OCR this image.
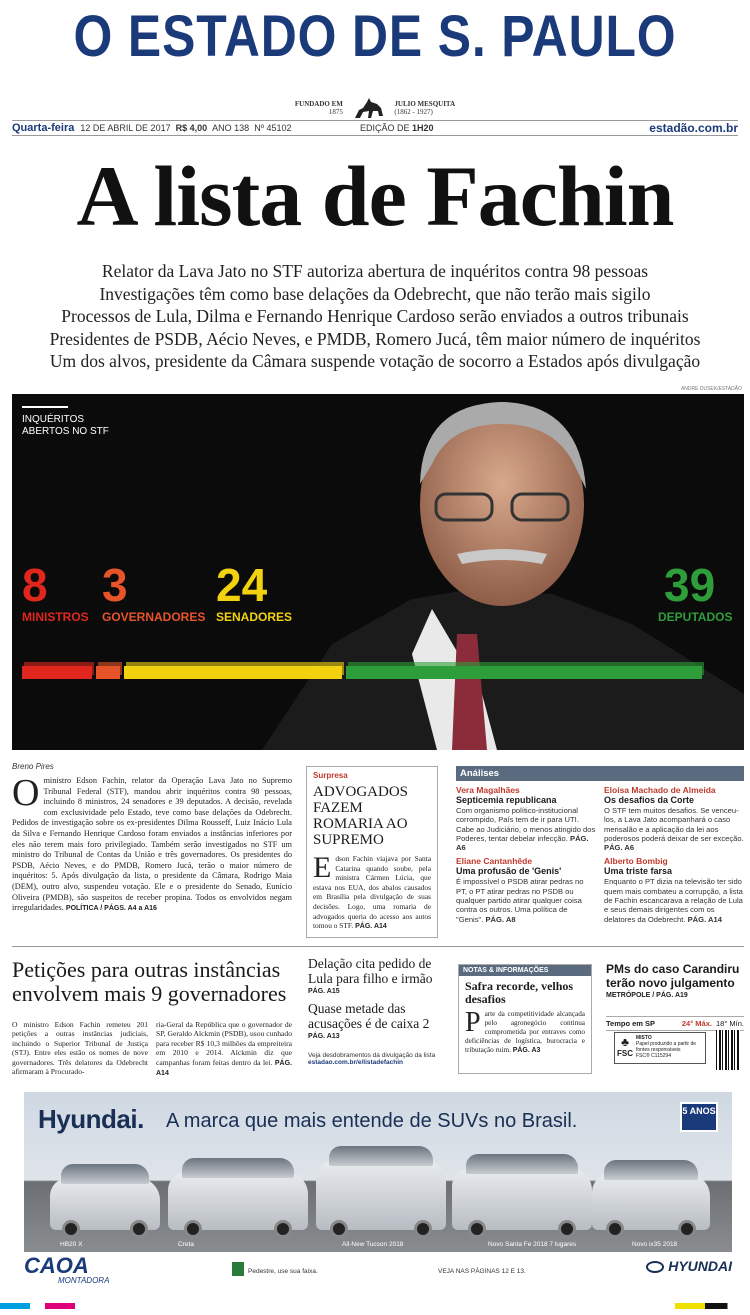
O ESTADO DE S. PAULO
FUNDADO EM
1875  JULIO MESQUITA
(1862 - 1927)
Quarta-feira 12 DE ABRIL DE 2017
R$ 4,00
ANO 138
Nº 45102	EDIÇÃO DE 1H20	estadão.com.br
A lista de Fachin
Relator da Lava Jato no STF autoriza abertura de inquéritos contra 98 pessoas
Investigações têm como base delações da Odebrecht, que não terão mais sigilo
Processos de Lula, Dilma e Fernando Henrique Cardoso serão enviados a outros tribunais
Presidentes de PSDB, Aécio Neves, e PMDB, Romero Jucá, têm maior número de inquéritos
Um dos alvos, presidente da Câmara suspende votação de socorro a Estados após divulgação
ANDRE DUSEK/ESTADÃO
INQUÉRITOS
ABERTOS NO STF
8
MINISTROS
3
GOVERNADORES
24
SENADORES
39
DEPUTADOS
Breno Pires
O ministro Edson Fachin, relator da Operação Lava Jato no Supremo Tribunal Federal (STF), mandou abrir inquéritos contra 98 pessoas, incluindo 8 ministros, 24 senadores e 39 deputados. A decisão, revelada com exclusividade pelo Estado, teve como base delações da Odebrecht. Pedidos de investigação sobre os ex-presidentes Dilma Rousseff, Luiz Inácio Lula da Silva e Fernando Henrique Cardoso foram enviados a instâncias inferiores por eles não terem mais foro privilegiado. Também serão investigados no STF um ministro do Tribunal de Contas da União e três governadores. Os presidentes do PSDB, Aécio Neves, e do PMDB, Romero Jucá, terão o maior número de inquéritos: 5. Após divulgação da lista, o presidente da Câmara, Rodrigo Maia (DEM), outro alvo, suspendeu votação. Ele e o presidente do Senado, Eunício Oliveira (PMDB), são suspeitos de receber propina. Todos os envolvidos negam irregularidades. POLÍTICA / PÁGS. A4 a A16
Surpresa
ADVOGADOS FAZEM ROMARIA AO SUPREMO
E dson Fachin viajava por Santa Catarina quando soube, pela ministra Cármen Lúcia, que estava nos EUA, dos abalos causados em Brasília pela divulgação de suas decisões. Logo, uma romaria de advogados queria do acesso aos autos tomou o STF. PÁG. A14
Análises
Vera Magalhães
Septicemia republicana
Com organismo político-institucional corrompido, País tem de ir para UTI. Cabe ao Judiciário, o menos atingido dos Poderes, tentar debelar infecção. PÁG. A6
Eloísa Machado de Almeida
Os desafios da Corte
O STF tem muitos desafios. Se venceu-los, a Lava Jato acompanhará o caso mensalão e a aplicação da lei aos poderosos poderá deixar de ser exceção. PÁG. A6
Eliane Cantanhêde
Uma profusão de 'Genis'
É impossível o PSDB atirar pedras no PT, o PT atirar pedras no PSDB ou qualquer partido atirar qualquer coisa contra os outros. Uma política de "Genis". PÁG. A8
Alberto Bombig
Uma triste farsa
Enquanto o PT dizia na televisão ter sido quem mais combateu a corrupção, a lista de Fachin escancarava a relação de Lula e seus demais dirigentes com os delatores da Odebrecht. PÁG. A14
Petições para outras instâncias envolvem mais 9 governadores
O ministro Edson Fachin remeteu 201 petições a outras instâncias judiciais, incluindo o Superior Tribunal de Justiça (STJ). Entre eles estão os nomes de nove governadores. Três delatores da Odebrecht afirmaram à Procurado-
ria-Geral da República que o governador de SP, Geraldo Alckmin (PSDB), usou cunhado para receber R$ 10,3 milhões da empreiteira em 2010 e 2014. Alckmin diz que campanhas foram feitas dentro da lei. PÁG. A14
Delação cita pedido de Lula para filho e irmão
PÁG. A15
Quase metade das acusações é de caixa 2
PÁG. A13
Veja desdobramentos da divulgação da lista
estadao.com.br/e/listadefachin
NOTAS & INFORMAÇÕES
Safra recorde, velhos desafios
P arte da competitividade alcançada pelo agronegócio continua comprometida por entraves como deficiências de logística, burocracia e tributação ruim. PÁG. A3
PMs do caso Carandiru terão novo julgamento
METRÓPOLE / PÁG. A19
Tempo em SP	24° Máx. 18° Mín.
♣
FSC
MISTO
Papel produzido a partir de fontes responsáveis
FSC® C115294
Hyundai. A marca que mais entende de SUVs no Brasil.	5 ANOS
HB20 X	Creta	All-New Tucson 2018	Novo Santa Fe 2018 7 lugares	Novo ix35 2018
CAOA
MONTADORA
Pedestre, use sua faixa.	VEJA NAS PÁGINAS 12 E 13.	HYUNDAI
